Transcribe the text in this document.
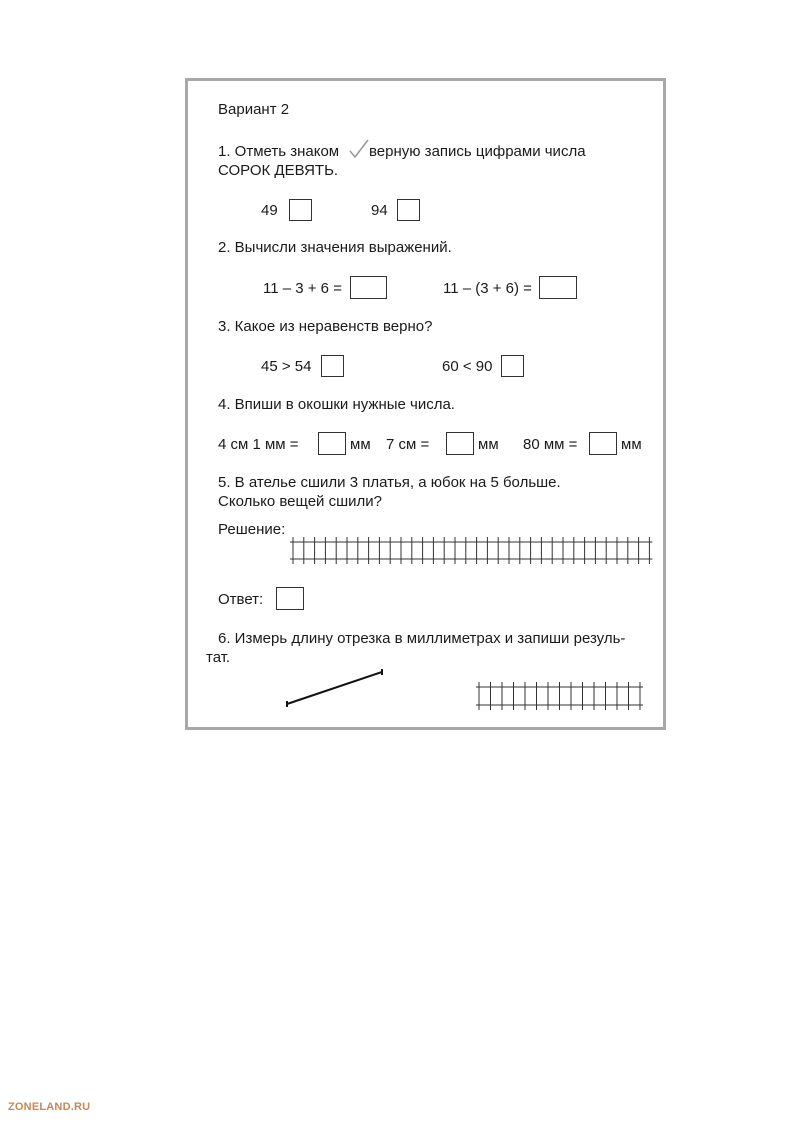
Вариант 2
1. Отметь знаком верную запись цифрами числа
СОРОК ДЕВЯТЬ.
49	94
2. Вычисли значения выражений.
11 – 3 + 6 =	11 – (3 + 6) =
3. Какое из неравенств верно?
45 > 54	60 < 90
4. Впиши в окошки нужные числа.
4 см 1 мм =	мм 7 см =	мм 80 мм =	мм
5. В ателье сшили 3 платья, а юбок на 5 больше.
Сколько вещей сшили?
Решение:
Ответ:
6. Измерь длину отрезка в миллиметрах и запиши резуль-
тат.
ZONELAND.RU
